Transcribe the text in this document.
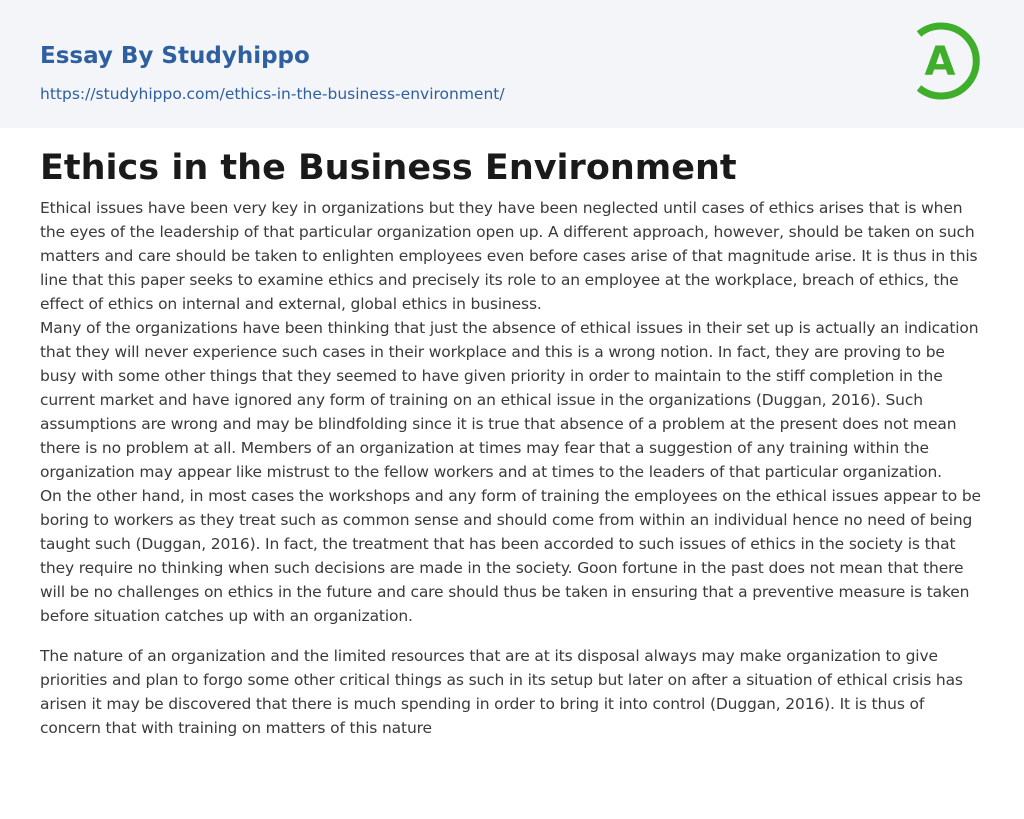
Essay By Studyhippo
https://studyhippo.com/ethics-in-the-business-environment/
A
Ethics in the Business Environment

Ethical issues have been very key in organizations but they have been neglected until cases of ethics arises that is when the eyes of the leadership of that particular organization open up. A different approach, however, should be taken on such matters and care should be taken to enlighten employees even before cases arise of that magnitude arise. It is thus in this line that this paper seeks to examine ethics and precisely its role to an employee at the workplace, breach of ethics, the effect of ethics on internal and external, global ethics in business.

Many of the organizations have been thinking that just the absence of ethical issues in their set up is actually an indication that they will never experience such cases in their workplace and this is a wrong notion. In fact, they are proving to be busy with some other things that they seemed to have given priority in order to maintain to the stiff completion in the current market and have ignored any form of training on an ethical issue in the organizations (Duggan, 2016). Such assumptions are wrong and may be blindfolding since it is true that absence of a problem at the present does not mean there is no problem at all. Members of an organization at times may fear that a suggestion of any training within the organization may appear like mistrust to the fellow workers and at times to the leaders of that particular organization.

On the other hand, in most cases the workshops and any form of training the employees on the ethical issues appear to be boring to workers as they treat such as common sense and should come from within an individual hence no need of being taught such (Duggan, 2016). In fact, the treatment that has been accorded to such issues of ethics in the society is that they require no thinking when such decisions are made in the society. Goon fortune in the past does not mean that there will be no challenges on ethics in the future and care should thus be taken in ensuring that a preventive measure is taken before situation catches up with an organization.

The nature of an organization and the limited resources that are at its disposal always may make organization to give priorities and plan to forgo some other critical things as such in its setup but later on after a situation of ethical crisis has arisen it may be discovered that there is much spending in order to bring it into control (Duggan, 2016). It is thus of concern that with training on matters of this nature
